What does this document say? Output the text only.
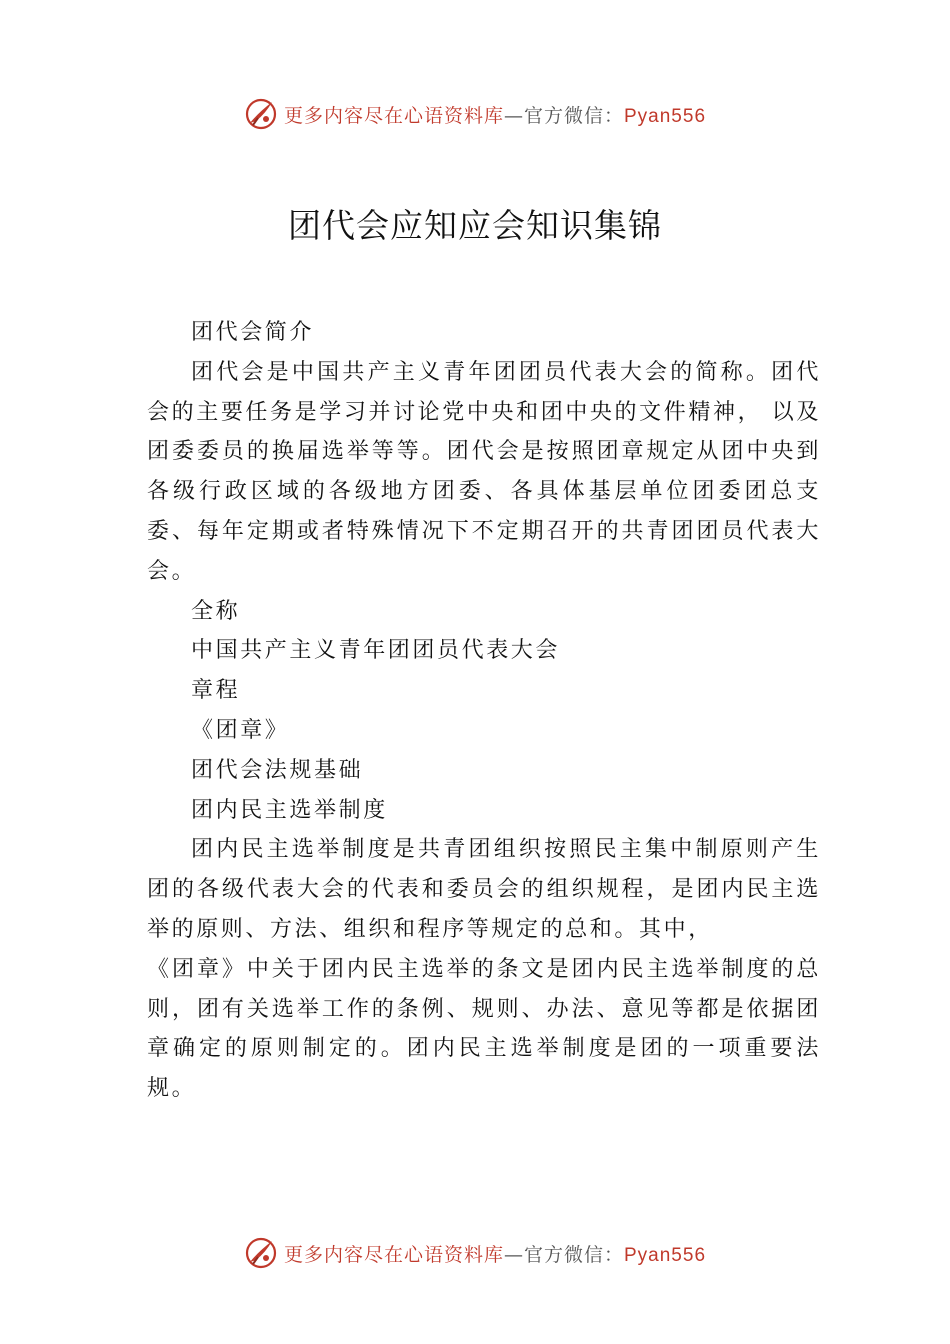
更多内容尽在心语资料库—官方微信：Pyan556
团代会应知应会知识集锦

团代会简介

团代会是中国共产主义青年团团员代表大会的简称。团代会的主要任务是学习并讨论党中央和团中央的文件精神， 以及团委委员的换届选举等等。团代会是按照团章规定从团中央到各级行政区域的各级地方团委、各具体基层单位团委团总支委、每年定期或者特殊情况下不定期召开的共青团团员代表大会。

全称

中国共产主义青年团团员代表大会

章程

《团章》

团代会法规基础

团内民主选举制度

团内民主选举制度是共青团组织按照民主集中制原则产生团的各级代表大会的代表和委员会的组织规程，是团内民主选举的原则、方法、组织和程序等规定的总和。其中，

《团章》中关于团内民主选举的条文是团内民主选举制度的总则，团有关选举工作的条例、规则、办法、意见等都是依据团章确定的原则制定的。团内民主选举制度是团的一项重要法规。

更多内容尽在心语资料库—官方微信：Pyan556
